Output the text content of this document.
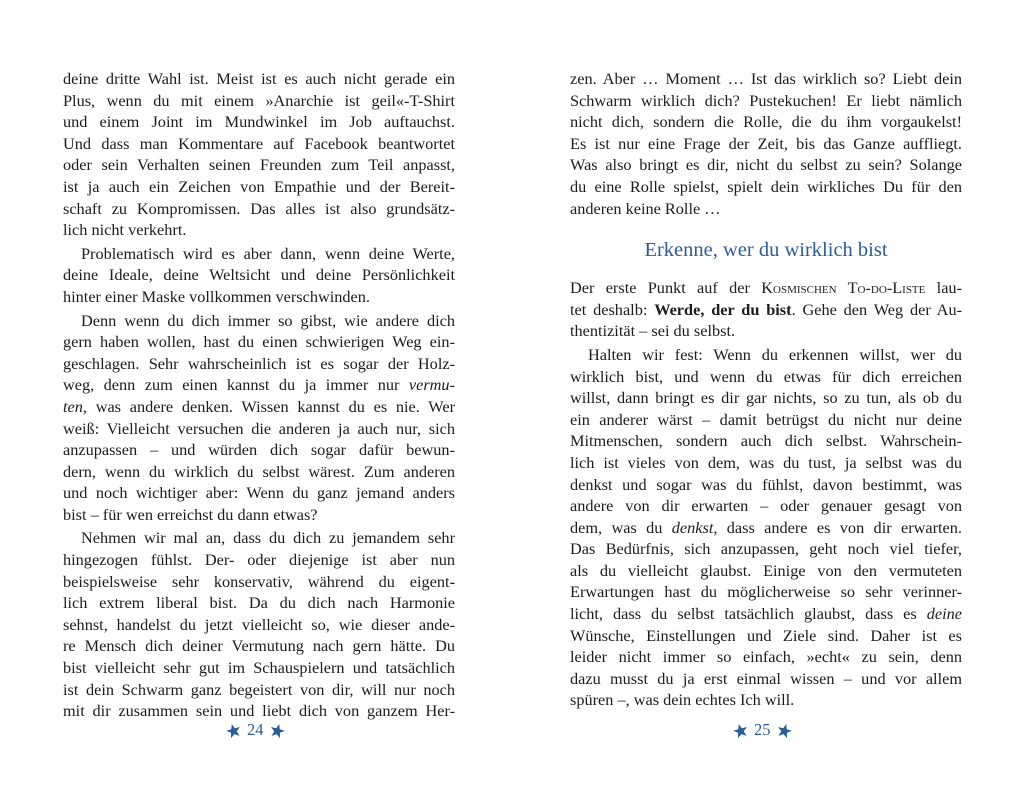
deine dritte Wahl ist. Meist ist es auch nicht gerade ein
Plus, wenn du mit einem »Anarchie ist geil«-T-Shirt
und einem Joint im Mundwinkel im Job auftauchst.
Und dass man Kommentare auf Facebook beantwortet
oder sein Verhalten seinen Freunden zum Teil anpasst,
ist ja auch ein Zeichen von Empathie und der Bereit-
schaft zu Kompromissen. Das alles ist also grundsätz-
lich nicht verkehrt.
Problematisch wird es aber dann, wenn deine Werte,
deine Ideale, deine Weltsicht und deine Persönlichkeit
hinter einer Maske vollkommen verschwinden.
Denn wenn du dich immer so gibst, wie andere dich
gern haben wollen, hast du einen schwierigen Weg ein-
geschlagen. Sehr wahrscheinlich ist es sogar der Holz-
weg, denn zum einen kannst du ja immer nur vermu-
ten, was andere denken. Wissen kannst du es nie. Wer
weiß: Vielleicht versuchen die anderen ja auch nur, sich
anzupassen – und würden dich sogar dafür bewun-
dern, wenn du wirklich du selbst wärest. Zum anderen
und noch wichtiger aber: Wenn du ganz jemand anders
bist – für wen erreichst du dann etwas?
Nehmen wir mal an, dass du dich zu jemandem sehr
hingezogen fühlst. Der- oder diejenige ist aber nun
beispielsweise sehr konservativ, während du eigent-
lich extrem liberal bist. Da du dich nach Harmonie
sehnst, handelst du jetzt vielleicht so, wie dieser ande-
re Mensch dich deiner Vermutung nach gern hätte. Du
bist vielleicht sehr gut im Schauspielern und tatsächlich
ist dein Schwarm ganz begeistert von dir, will nur noch
mit dir zusammen sein und liebt dich von ganzem Her-
24
zen. Aber … Moment … Ist das wirklich so? Liebt dein
Schwarm wirklich dich? Pustekuchen! Er liebt nämlich
nicht dich, sondern die Rolle, die du ihm vorgaukelst!
Es ist nur eine Frage der Zeit, bis das Ganze auffliegt.
Was also bringt es dir, nicht du selbst zu sein? Solange
du eine Rolle spielst, spielt dein wirkliches Du für den
anderen keine Rolle …
Erkenne, wer du wirklich bist
Der erste Punkt auf der Kosmischen To-do-Liste lau-
tet deshalb: Werde, der du bist. Gehe den Weg der Au-
thentizität – sei du selbst.
Halten wir fest: Wenn du erkennen willst, wer du
wirklich bist, und wenn du etwas für dich erreichen
willst, dann bringt es dir gar nichts, so zu tun, als ob du
ein anderer wärst – damit betrügst du nicht nur deine
Mitmenschen, sondern auch dich selbst. Wahrschein-
lich ist vieles von dem, was du tust, ja selbst was du
denkst und sogar was du fühlst, davon bestimmt, was
andere von dir erwarten – oder genauer gesagt von
dem, was du denkst, dass andere es von dir erwarten.
Das Bedürfnis, sich anzupassen, geht noch viel tiefer,
als du vielleicht glaubst. Einige von den vermuteten
Erwartungen hast du möglicherweise so sehr verinner-
licht, dass du selbst tatsächlich glaubst, dass es deine
Wünsche, Einstellungen und Ziele sind. Daher ist es
leider nicht immer so einfach, »echt« zu sein, denn
dazu musst du ja erst einmal wissen – und vor allem
spüren –, was dein echtes Ich will.
25
